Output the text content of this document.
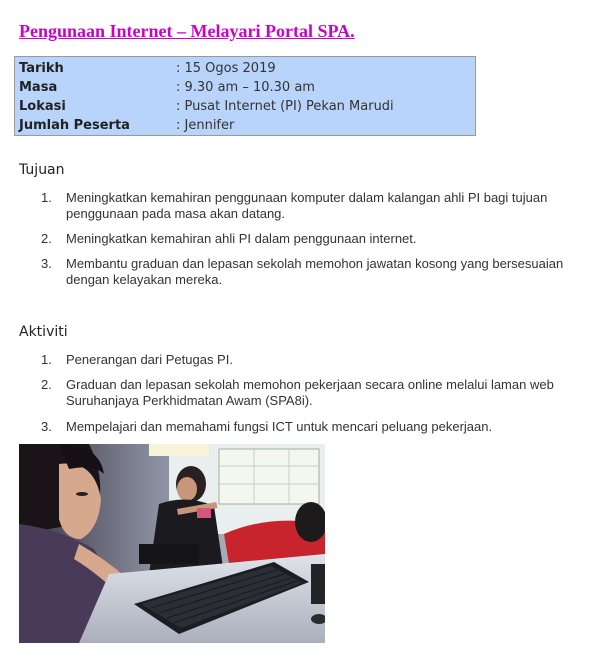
Pengunaan Internet – Melayari Portal SPA.
Tarikh	: 15 Ogos 2019
Masa	: 9.30 am – 10.30 am
Lokasi	: Pusat Internet (PI) Pekan Marudi
Jumlah Peserta	: Jennifer
Tujuan
1. Meningkatkan kemahiran penggunaan komputer dalam kalangan ahli PI bagi tujuan penggunaan pada masa akan datang.
2. Meningkatkan kemahiran ahli PI dalam penggunaan internet.
3. Membantu graduan dan lepasan sekolah memohon jawatan kosong yang bersesuaian dengan kelayakan mereka.
Aktiviti
1. Penerangan dari Petugas PI.
2. Graduan dan lepasan sekolah memohon pekerjaan secara online melalui laman web Suruhanjaya Perkhidmatan Awam (SPA8i).
3. Mempelajari dan memahami fungsi ICT untuk mencari peluang pekerjaan.
